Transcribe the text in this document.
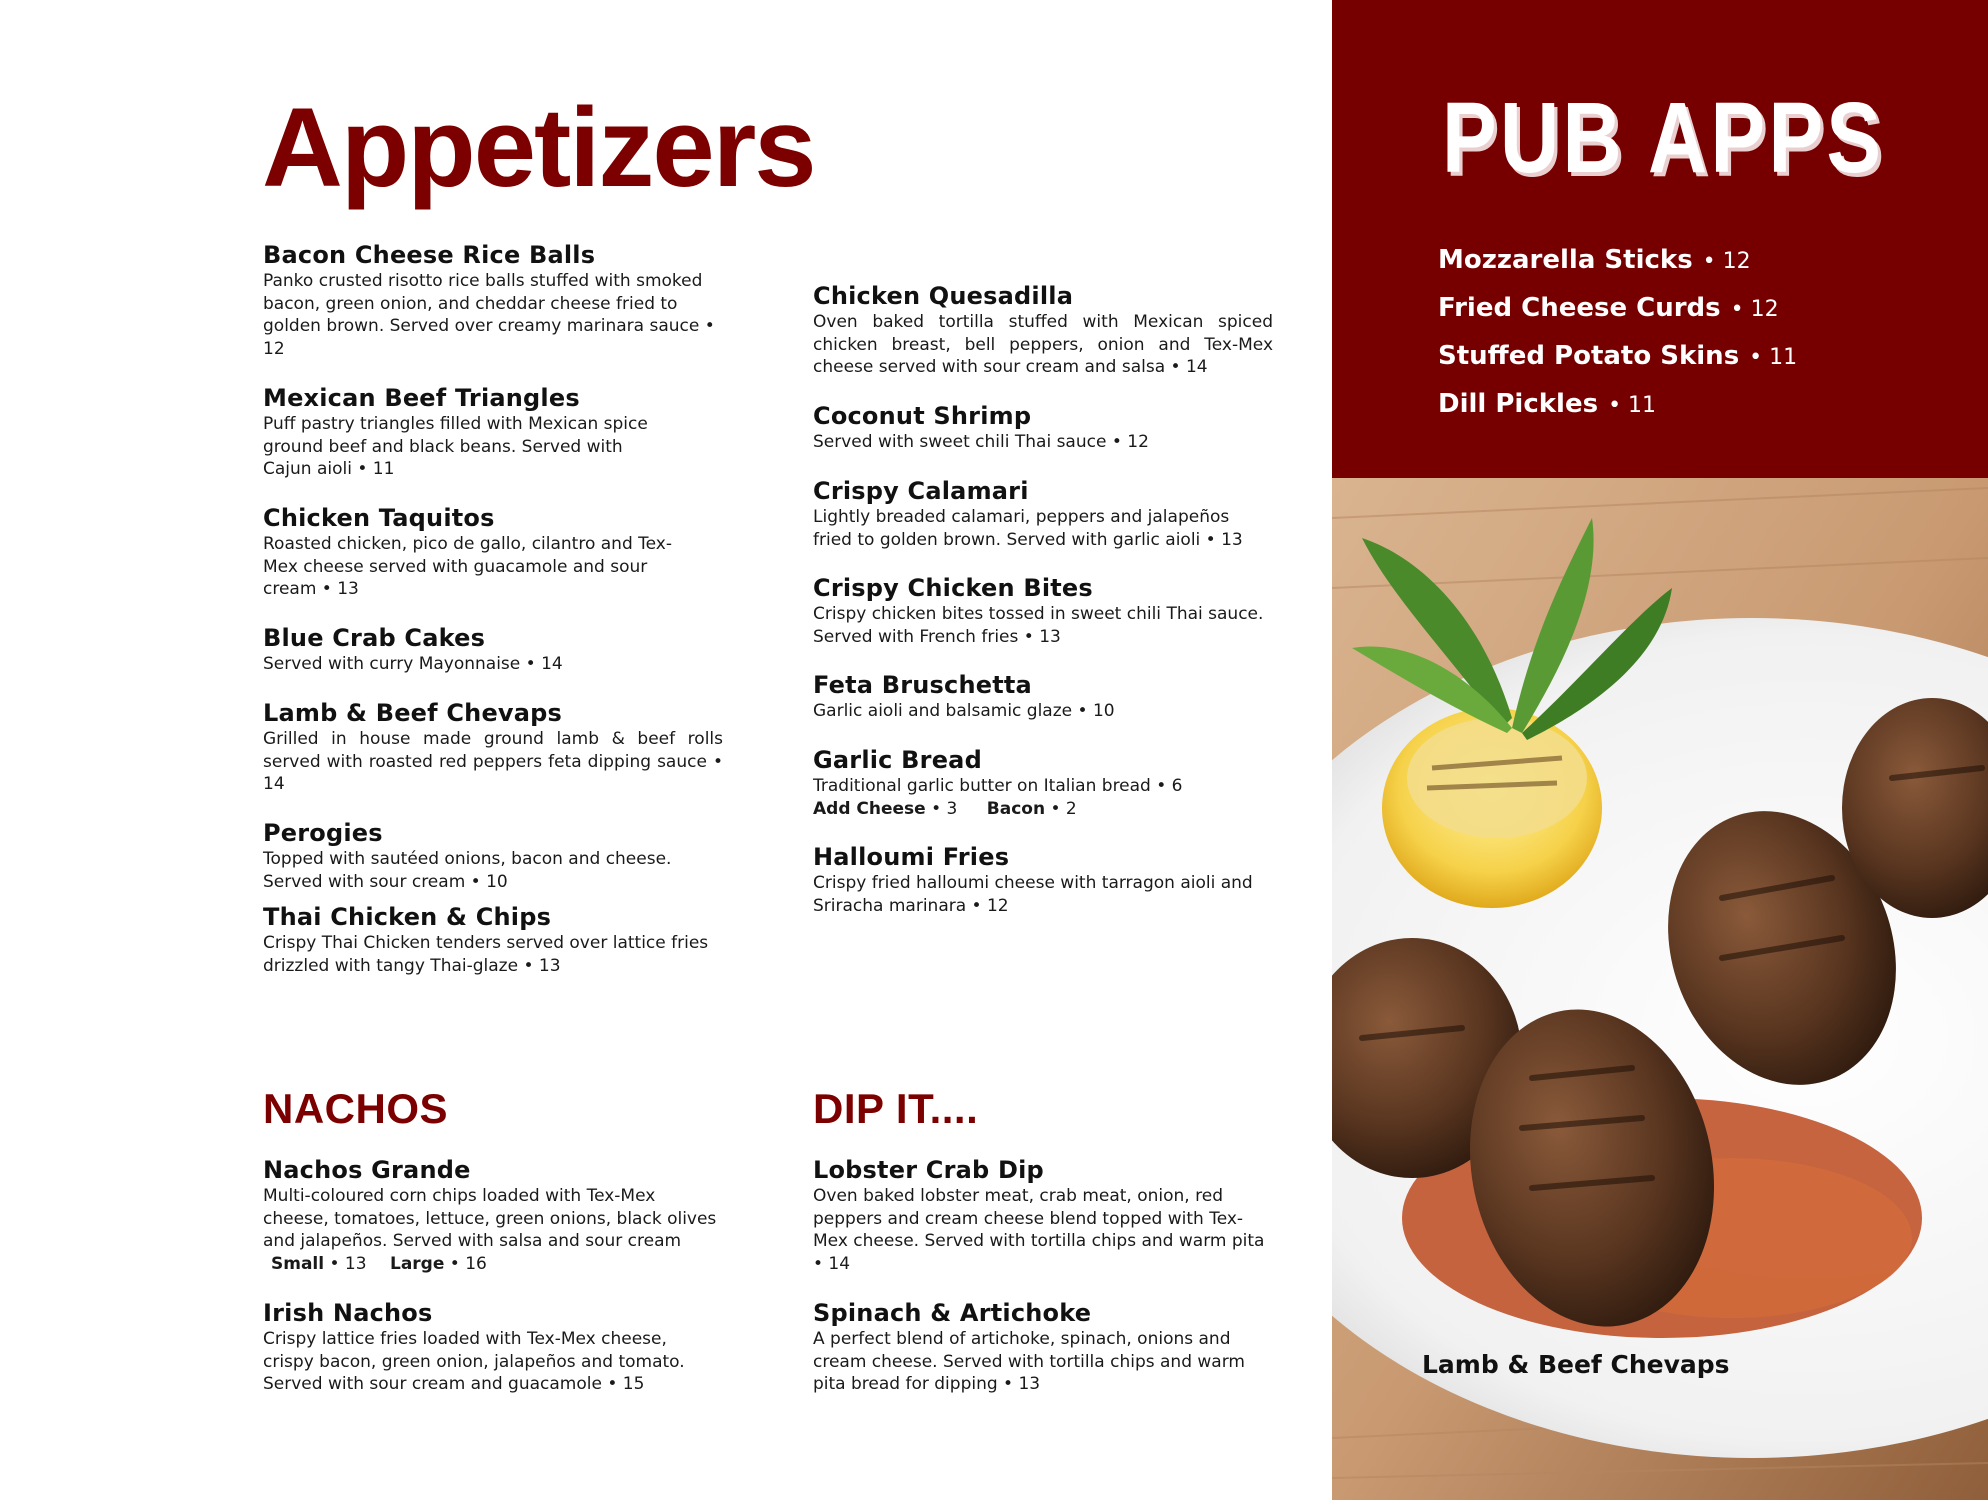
Appetizers
Bacon Cheese Rice Balls
Panko crusted risotto rice balls stuffed with smoked bacon, green onion, and cheddar cheese fried to golden brown. Served over creamy marinara sauce • 12
Mexican Beef Triangles
Puff pastry triangles filled with Mexican spice ground beef and black beans. Served with Cajun aioli • 11
Chicken Taquitos
Roasted chicken, pico de gallo, cilantro and Tex-Mex cheese served with guacamole and sour cream • 13
Blue Crab Cakes
Served with curry Mayonnaise • 14
Lamb & Beef Chevaps
Grilled in house made ground lamb & beef rolls served with roasted red peppers feta dipping sauce • 14
Perogies
Topped with sautéed onions, bacon and cheese. Served with sour cream • 10
Thai Chicken & Chips
Crispy Thai Chicken tenders served over lattice fries drizzled with tangy Thai-glaze • 13
Chicken Quesadilla
Oven baked tortilla stuffed with Mexican spiced chicken breast, bell peppers, onion and Tex-Mex cheese served with sour cream and salsa • 14
Coconut Shrimp
Served with sweet chili Thai sauce • 12
Crispy Calamari
Lightly breaded calamari, peppers and jalapeños fried to golden brown. Served with garlic aioli • 13
Crispy Chicken Bites
Crispy chicken bites tossed in sweet chili Thai sauce. Served with French fries • 13
Feta Bruschetta
Garlic aioli and balsamic glaze • 10
Garlic Bread
Traditional garlic butter on Italian bread • 6
Add Cheese • 3 Bacon • 2
Halloumi Fries
Crispy fried halloumi cheese with tarragon aioli and Sriracha marinara • 12
NACHOS
Nachos Grande
Multi-coloured corn chips loaded with Tex-Mex cheese, tomatoes, lettuce, green onions, black olives and jalapeños. Served with salsa and sour cream Small • 13 Large • 16
Irish Nachos
Crispy lattice fries loaded with Tex-Mex cheese, crispy bacon, green onion, jalapeños and tomato. Served with sour cream and guacamole • 15
DIP IT....
Lobster Crab Dip
Oven baked lobster meat, crab meat, onion, red peppers and cream cheese blend topped with Tex-Mex cheese. Served with tortilla chips and warm pita • 14
Spinach & Artichoke
A perfect blend of artichoke, spinach, onions and cream cheese. Served with tortilla chips and warm pita bread for dipping • 13
PUB APPS
Mozzarella Sticks • 12
Fried Cheese Curds • 12
Stuffed Potato Skins • 11
Dill Pickles • 11

Lamb & Beef Chevaps
